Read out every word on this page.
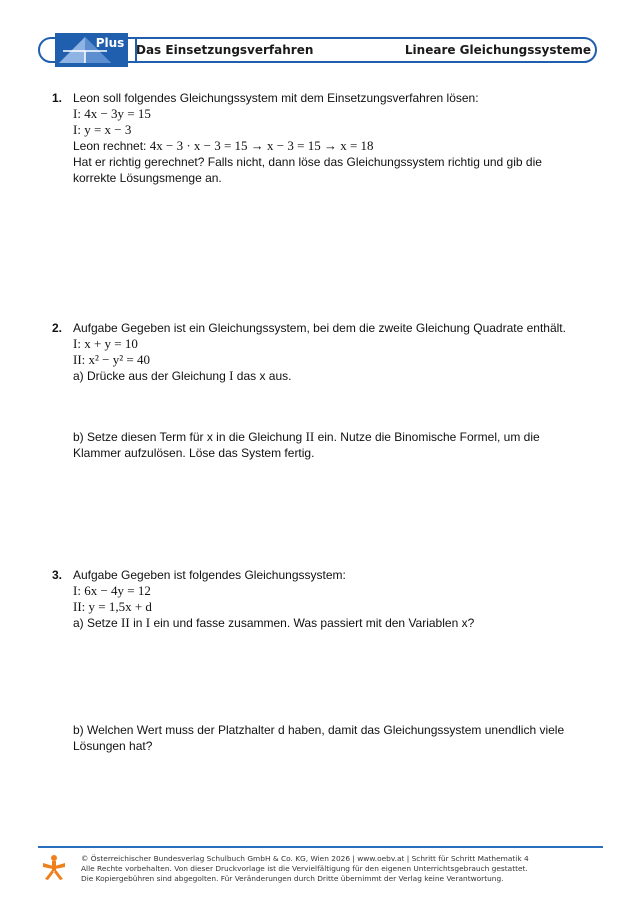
Plus Das Einsetzungsverfahren	Lineare Gleichungssysteme
1. Leon soll folgendes Gleichungssystem mit dem Einsetzungsverfahren lösen:
I: 4x − 3y = 15
I: y = x − 3
Leon rechnet: 4x − 3 · x − 3 = 15 → x − 3 = 15 → x = 18
Hat er richtig gerechnet? Falls nicht, dann löse das Gleichungssystem richtig und gib die
korrekte Lösungsmenge an.
2. Aufgabe Gegeben ist ein Gleichungssystem, bei dem die zweite Gleichung Quadrate enthält.
I: x + y = 10
II: x² − y² = 40
a) Drücke aus der Gleichung I das x aus.
b) Setze diesen Term für x in die Gleichung II ein. Nutze die Binomische Formel, um die
Klammer aufzulösen. Löse das System fertig.
3. Aufgabe Gegeben ist folgendes Gleichungssystem:
I: 6x − 4y = 12
II: y = 1,5x + d
a) Setze II in I ein und fasse zusammen. Was passiert mit den Variablen x?
b) Welchen Wert muss der Platzhalter d haben, damit das Gleichungssystem unendlich viele
Lösungen hat?
© Österreichischer Bundesverlag Schulbuch GmbH & Co. KG, Wien 2026 | www.oebv.at | Schritt für Schritt Mathematik 4
Alle Rechte vorbehalten. Von dieser Druckvorlage ist die Vervielfältigung für den eigenen Unterrichtsgebrauch gestattet.
Die Kopiergebühren sind abgegolten. Für Veränderungen durch Dritte übernimmt der Verlag keine Verantwortung.
